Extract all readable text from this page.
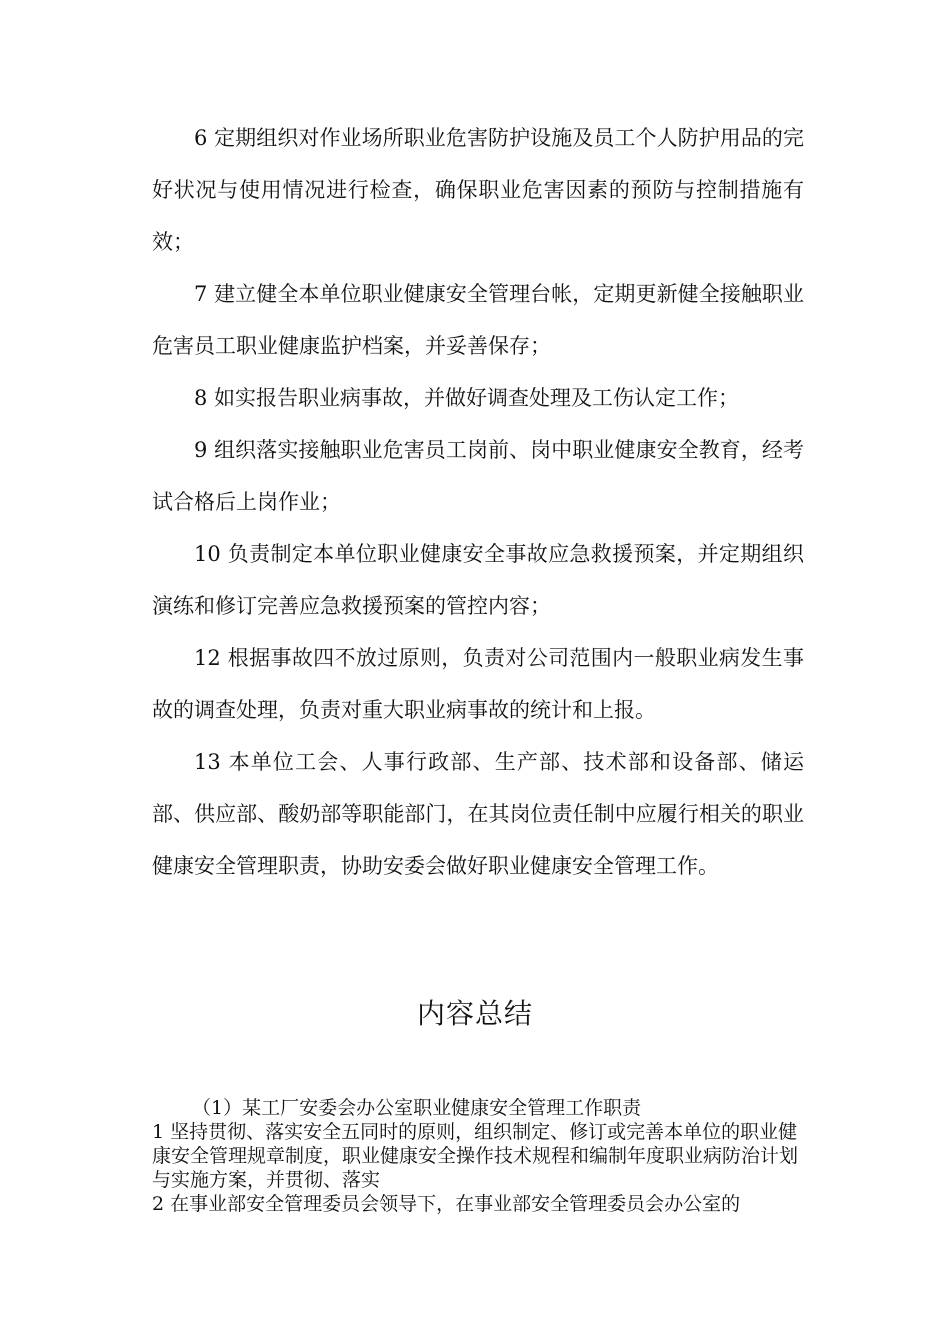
6 定期组织对作业场所职业危害防护设施及员工个人防护用品的完好状况与使用情况进行检查，确保职业危害因素的预防与控制措施有效；

7 建立健全本单位职业健康安全管理台帐，定期更新健全接触职业危害员工职业健康监护档案，并妥善保存；

8 如实报告职业病事故，并做好调查处理及工伤认定工作；

9 组织落实接触职业危害员工岗前、岗中职业健康安全教育，经考试合格后上岗作业；

10 负责制定本单位职业健康安全事故应急救援预案，并定期组织演练和修订完善应急救援预案的管控内容；

12 根据事故四不放过原则，负责对公司范围内一般职业病发生事故的调查处理，负责对重大职业病事故的统计和上报。

13 本单位工会、人事行政部、生产部、技术部和设备部、储运部、供应部、酸奶部等职能部门，在其岗位责任制中应履行相关的职业健康安全管理职责，协助安委会做好职业健康安全管理工作。

内容总结

（1）某工厂安委会办公室职业健康安全管理工作职责

1 坚持贯彻、落实安全五同时的原则，组织制定、修订或完善本单位的职业健康安全管理规章制度，职业健康安全操作技术规程和编制年度职业病防治计划与实施方案，并贯彻、落实

2 在事业部安全管理委员会领导下，在事业部安全管理委员会办公室的
